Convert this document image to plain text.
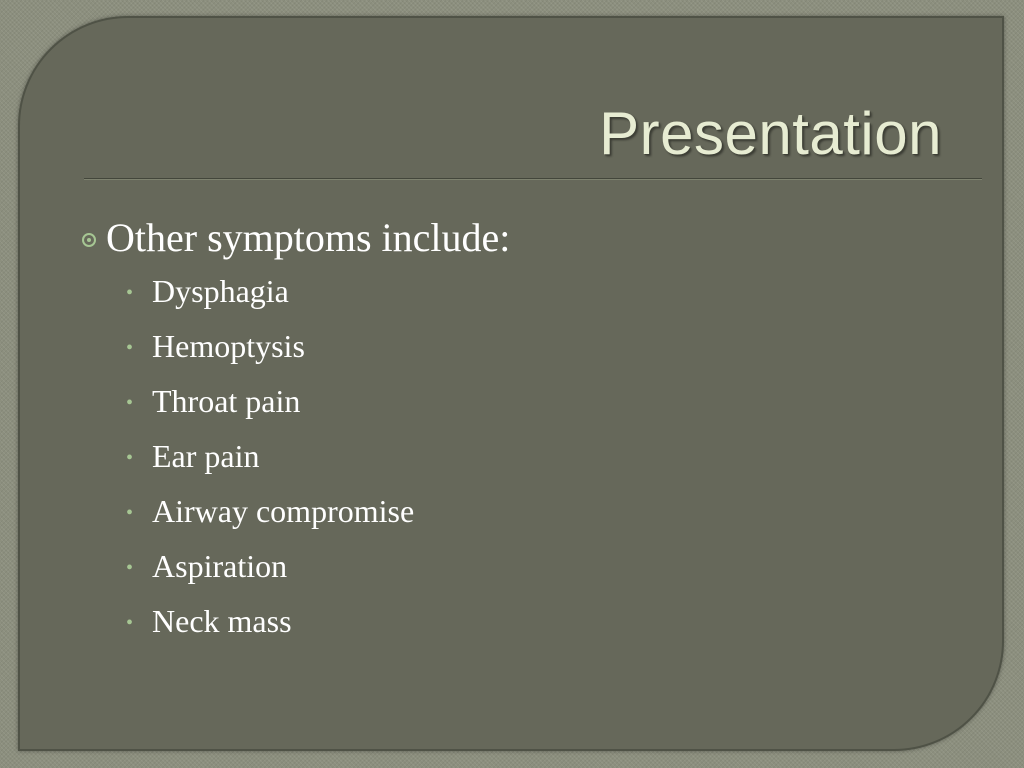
Presentation
Other symptoms include:
• Dysphagia
• Hemoptysis
• Throat pain
• Ear pain
• Airway compromise
• Aspiration
• Neck mass
